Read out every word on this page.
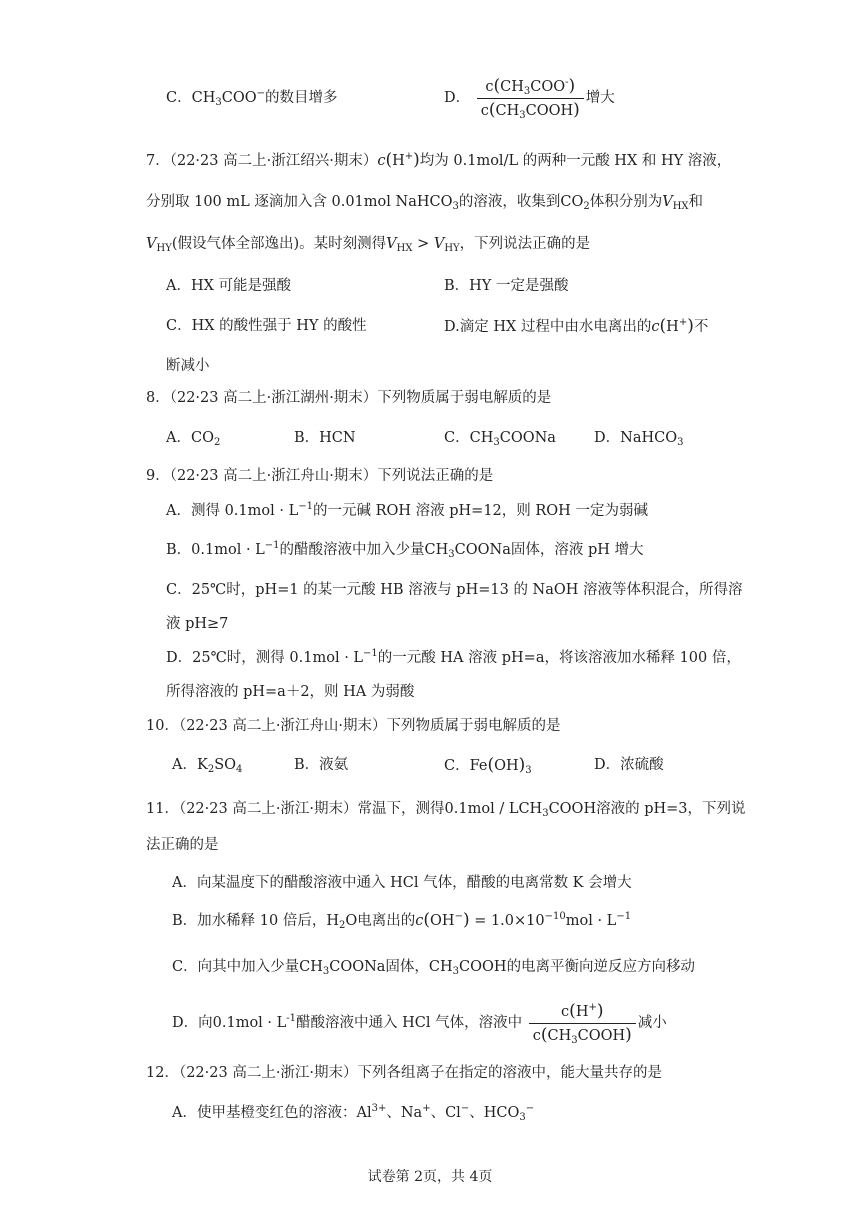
C．$CH_3COO^-$的数目增多	D． $\frac{c(CH_3COO^-)}{c(CH_3COOH)}$ 增大
7．（22·23 高二上·浙江绍兴·期末）c(H+)均为 0.1mol/L 的两种一元酸 HX 和 HY 溶液，
分别取 100 mL 逐滴加入含 0.01mol NaHCO$_3$的溶液，收集到$CO_2$体积分别为$V_{HX}$和
$V_{HY}$(假设气体全部逸出)。某时刻测得$V_{HX} > V_{HY}$，下列说法正确的是
A．HX 可能是强酸	B．HY 一定是强酸
C．HX 的酸性强于 HY 的酸性	D.滴定 HX 过程中由水电离出的c(H+)不
断减小
8．（22·23 高二上·浙江湖州·期末）下列物质属于弱电解质的是
A．$CO_2$	B．HCN	C．$CH_3COONa$	D．NaHCO$_3$
9．（22·23 高二上·浙江舟山·期末）下列说法正确的是
A．测得 $0.1mol \cdot L^{-1}$的一元碱 ROH 溶液 pH=12，则 ROH 一定为弱碱
B．$0.1mol \cdot L^{-1}$的醋酸溶液中加入少量$CH_3COONa$固体，溶液 pH 增大
C．25℃时，pH=1 的某一元酸 HB 溶液与 pH=13 的 NaOH 溶液等体积混合，所得溶
液 pH≥7
D．25℃时，测得 $0.1mol \cdot L^{-1}$的一元酸 HA 溶液 pH=a，将该溶液加水稀释 100 倍，
所得溶液的 pH=a＋2，则 HA 为弱酸
10．（22·23 高二上·浙江舟山·期末）下列物质属于弱电解质的是
A．$K_2SO_4$	B．液氨	C．$Fe(OH)_3$	D．浓硫酸
11．（22·23 高二上·浙江·期末）常温下，测得$0.1mol / LCH_3COOH$溶液的 pH=3，下列说
法正确的是
A．向某温度下的醋酸溶液中通入 HCl 气体，醋酸的电离常数 K 会增大
B．加水稀释 10 倍后，$H_2O$电离出的$c(OH^-) = 1.0\times 10^{-10}mol \cdot L^{-1}$
C．向其中加入少量$CH_3COONa$固体，$CH_3COOH$的电离平衡向逆反应方向移动
D．向$0.1mol \cdot L^{-1}$醋酸溶液中通入 HCl 气体，溶液中 $\frac{c(H^+)}{c(CH_3COOH)}$ 减小
12．（22·23 高二上·浙江·期末）下列各组离子在指定的溶液中，能大量共存的是
A．使甲基橙变红色的溶液：$Al^{3+}$、Na+、Cl−、$HCO_3^-$
试卷第 2页，共 4页
